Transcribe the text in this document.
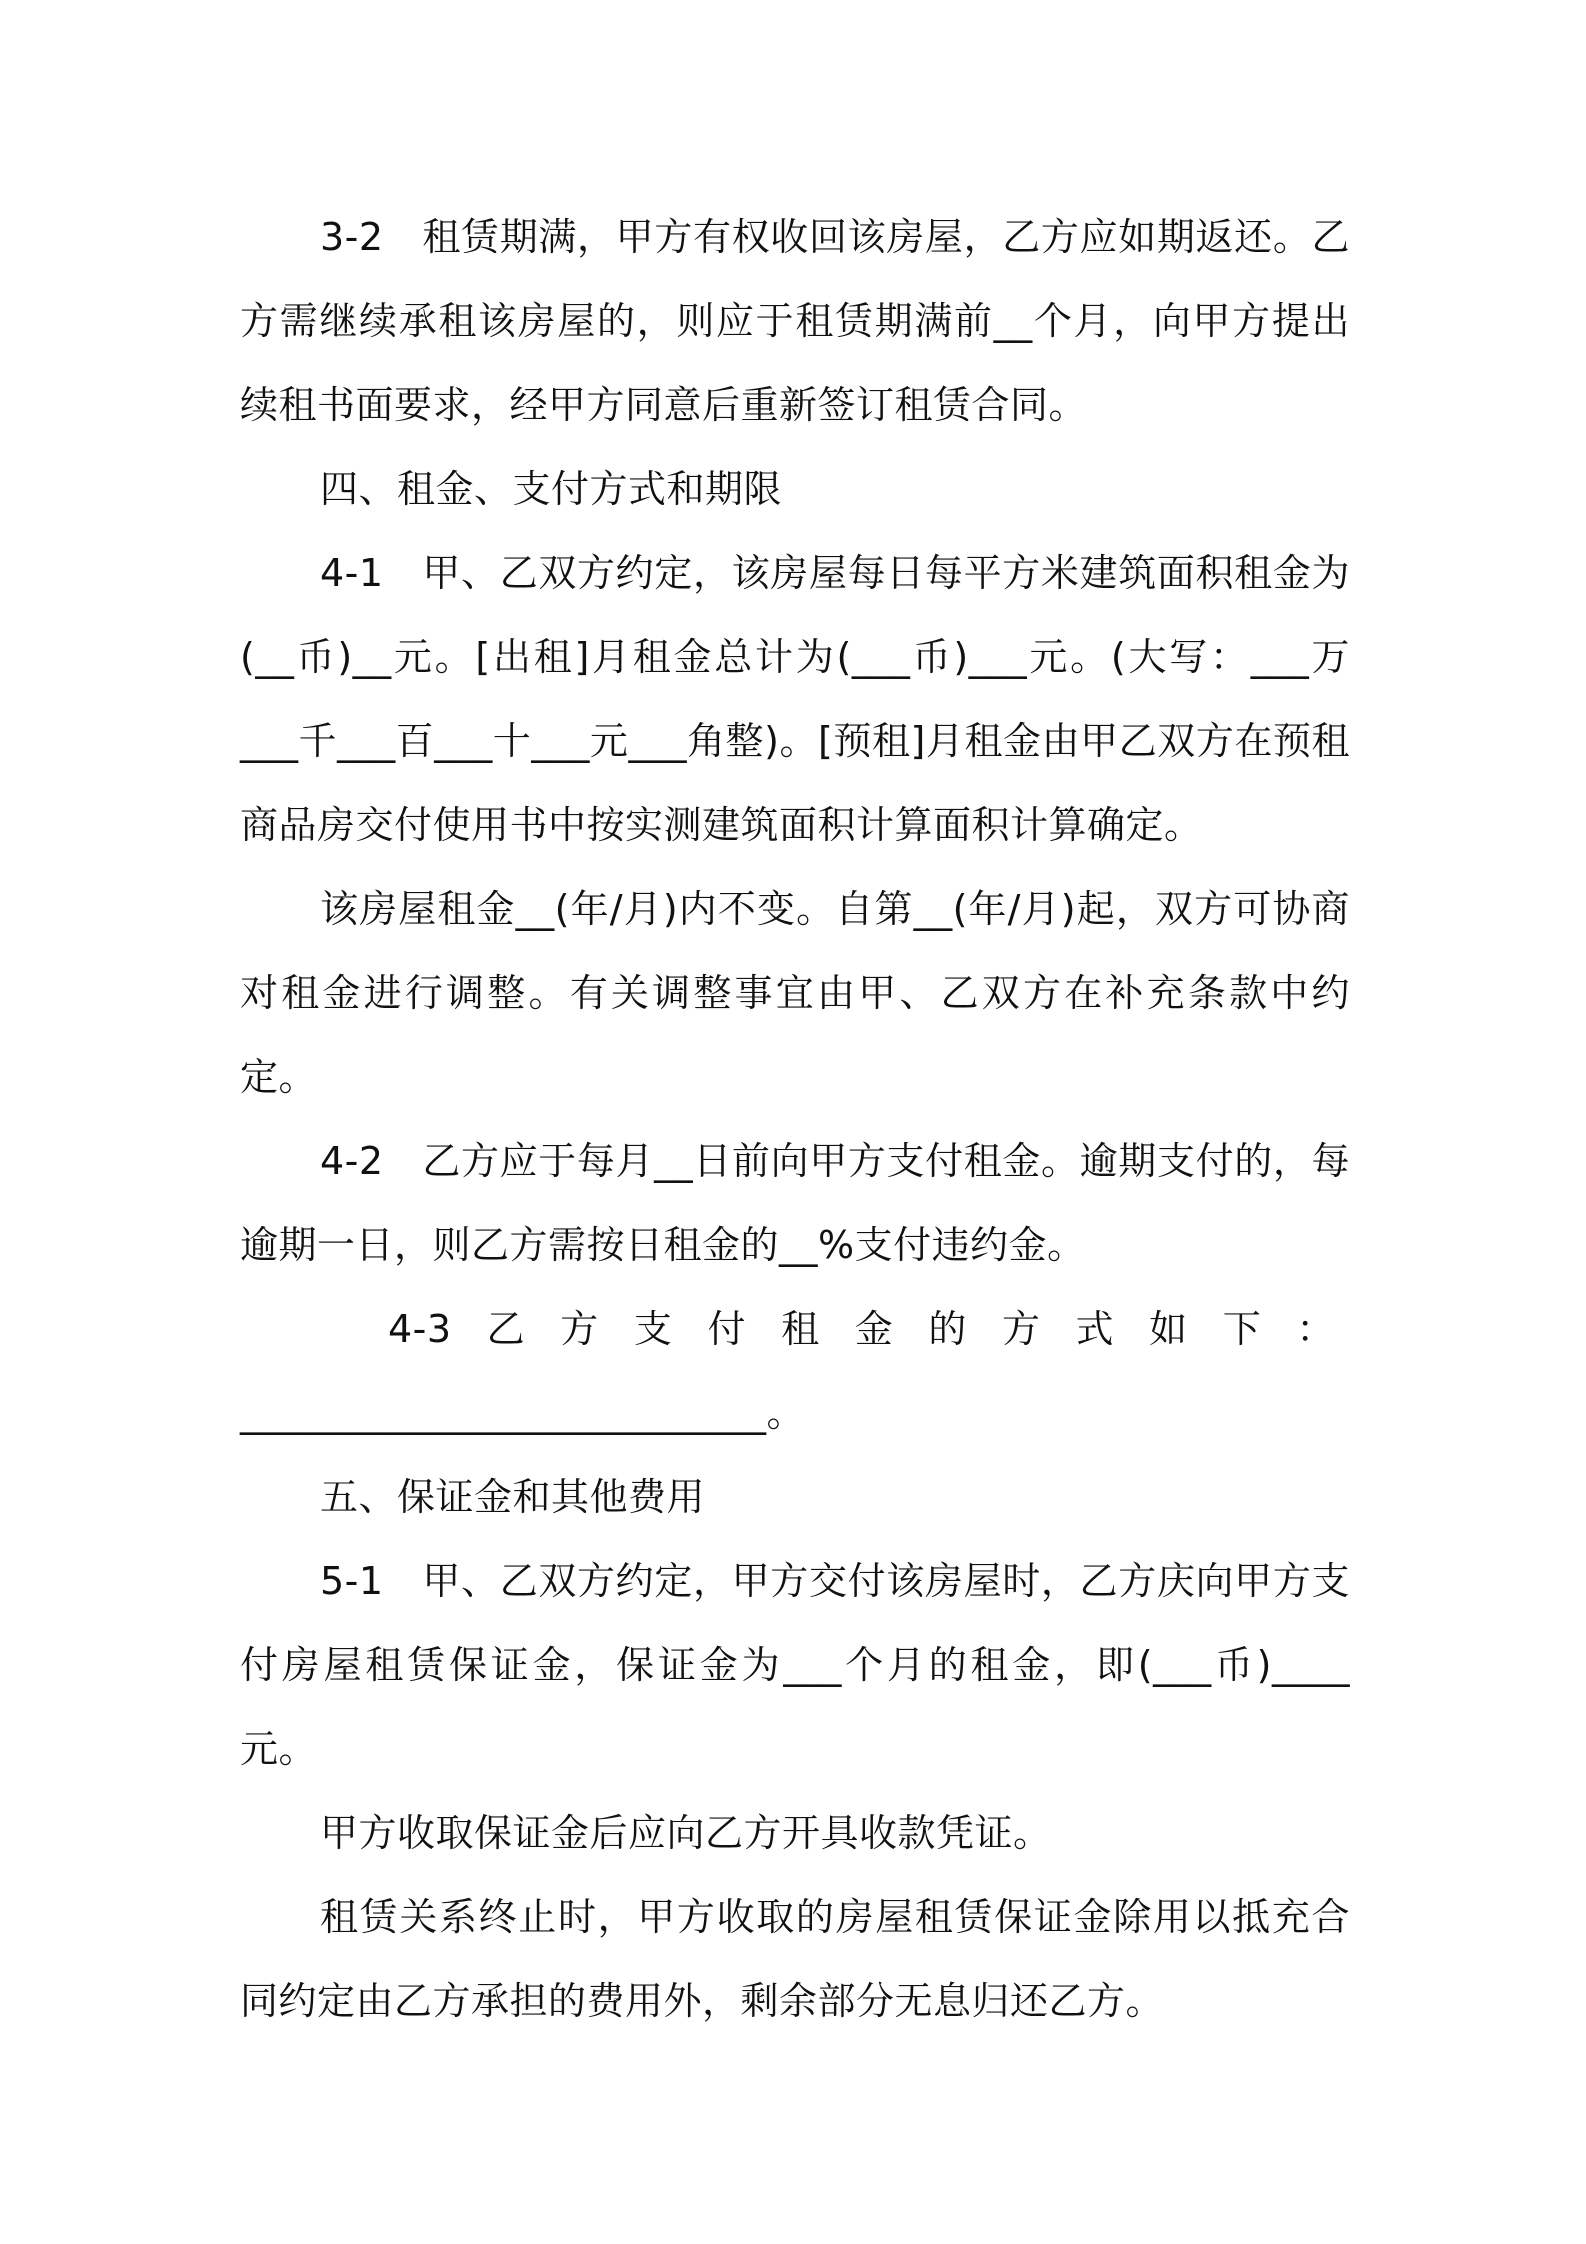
3-2　租赁期满，甲方有权收回该房屋，乙方应如期返还。乙方需继续承租该房屋的，则应于租赁期满前__个月，向甲方提出续租书面要求，经甲方同意后重新签订租赁合同。

四、租金、支付方式和期限

4-1　甲、乙双方约定，该房屋每日每平方米建筑面积租金为(__币)__元。[出租]月租金总计为(___币)___元。(大写：___万___千___百___十___元___角整)。[预租]月租金由甲乙双方在预租商品房交付使用书中按实测建筑面积计算面积计算确定。

该房屋租金__(年/月)内不变。自第__(年/月)起，双方可协商对租金进行调整。有关调整事宜由甲、乙双方在补充条款中约定。

4-2　乙方应于每月__日前向甲方支付租金。逾期支付的，每逾期一日，则乙方需按日租金的__%支付违约金。

4-3 乙 方 支 付 租 金 的 方 式 如 下 ：

___________________________。

五、保证金和其他费用

5-1　甲、乙双方约定，甲方交付该房屋时，乙方庆向甲方支付房屋租赁保证金，保证金为___个月的租金，即(___币)____元。

甲方收取保证金后应向乙方开具收款凭证。

租赁关系终止时，甲方收取的房屋租赁保证金除用以抵充合同约定由乙方承担的费用外，剩余部分无息归还乙方。
